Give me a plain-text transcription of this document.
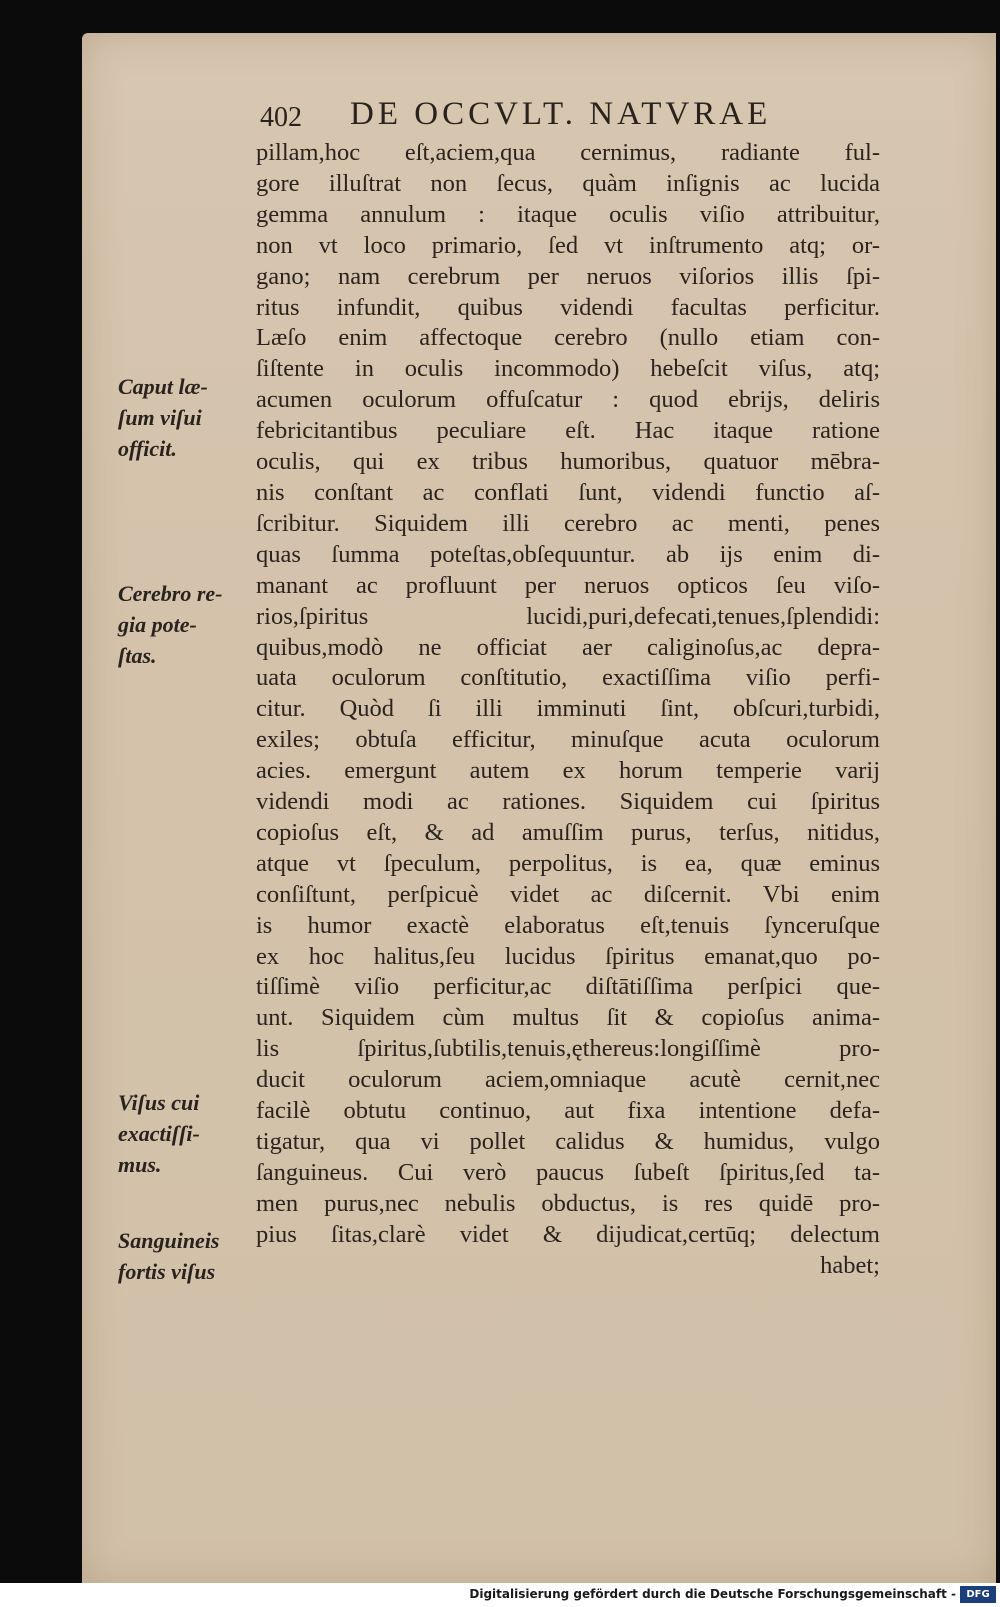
402 DE OCCVLT. NATVRAE
pillam,hoc eſt,aciem,qua cernimus, radiante ful-
gore illuſtrat non ſecus, quàm inſignis ac lucida
gemma annulum : itaque oculis viſio attribuitur,
non vt loco primario, ſed vt inſtrumento atq; or-
gano; nam cerebrum per neruos viſorios illis ſpi-
ritus infundit, quibus videndi facultas perficitur.
Læſo enim affectoque cerebro (nullo etiam con-
ſiſtente in oculis incommodo) hebeſcit viſus, atq;
acumen oculorum offuſcatur : quod ebrijs, deliris
febricitantibus peculiare eſt. Hac itaque ratione
oculis, qui ex tribus humoribus, quatuor mēbra-
nis conſtant ac conflati ſunt, videndi functio aſ-
ſcribitur. Siquidem illi cerebro ac menti, penes
quas ſumma poteſtas,obſequuntur. ab ijs enim di-
manant ac profluunt per neruos opticos ſeu viſo-
rios,ſpiritus lucidi,puri,defecati,tenues,ſplendidi:
quibus,modò ne officiat aer caliginoſus,ac depra-
uata oculorum conſtitutio, exactiſſima viſio perfi-
citur. Quòd ſi illi imminuti ſint, obſcuri,turbidi,
exiles; obtuſa efficitur, minuſque acuta oculorum
acies. emergunt autem ex horum temperie varij
videndi modi ac rationes. Siquidem cui ſpiritus
copioſus eſt, & ad amuſſim purus, terſus, nitidus,
atque vt ſpeculum, perpolitus, is ea, quæ eminus
conſiſtunt, perſpicuè videt ac diſcernit. Vbi enim
is humor exactè elaboratus eſt,tenuis ſynceruſque
ex hoc halitus,ſeu lucidus ſpiritus emanat,quo po-
tiſſimè viſio perficitur,ac diſtātiſſima perſpici que-
unt. Siquidem cùm multus ſit & copioſus anima-
lis ſpiritus,ſubtilis,tenuis,ęthereus:longiſſimè pro-
ducit oculorum aciem,omniaque acutè cernit,nec
facilè obtutu continuo, aut fixa intentione defa-
tigatur, qua vi pollet calidus & humidus, vulgo
ſanguineus. Cui verò paucus ſubeſt ſpiritus,ſed ta-
men purus,nec nebulis obductus, is res quidē pro-
pius ſitas,clarè videt & dijudicat,certūq; delectum
habet;
Caput læ-
ſum viſui
officit.
Cerebro re-
gia pote-
ſtas.
Viſus cui
exactiſſi-
mus.
Sanguineis
fortis viſus
Digitalisierung gefördert durch die Deutsche Forschungsgemeinschaft -	DFG
